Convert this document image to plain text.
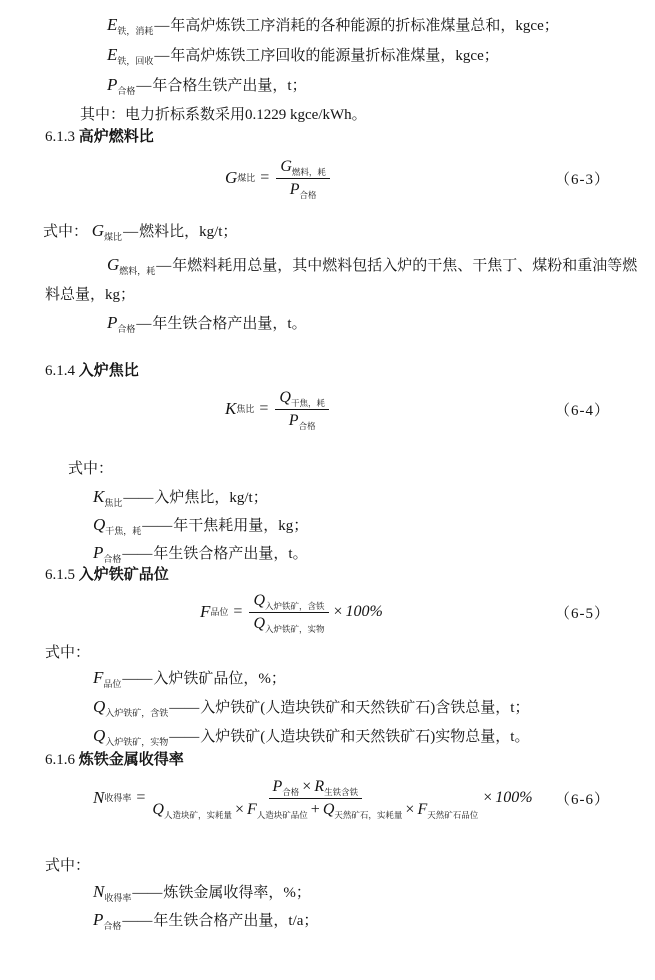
$E_{铁,消耗}—$年高炉炼铁工序消耗的各种能源的折标准煤量总和，kgce；
$E_{铁,回收}—$年高炉炼铁工序回收的能源量折标准煤量，kgce；
$P_{合格}—$年合格生铁产出量，t；
其中：电力折标系数采用0.1229 kgce/kWh。
6.1.3 高炉燃料比
G 煤比 = $\frac{G_{燃料,耗}}{P_{合格}}$	（6-3）
式中： $G_{煤比}—$燃料比，kg/t；
$G_{燃料,耗}—$年燃料耗用总量，其中燃料包括入炉的干焦、干焦丁、煤粉和重油等燃
料总量，kg；
$P_{合格}—$年生铁合格产出量，t。
6.1.4 入炉焦比
K 焦比 = $\frac{Q_{干焦,耗}}{P_{合格}}$	（6-4）
式中：
$K_{焦比}——$入炉焦比，kg/t；
$Q_{干焦,耗}——$年干焦耗用量，kg；
$P_{合格}——$年生铁合格产出量，t。
6.1.5 入炉铁矿品位
F 品位 = $\frac{Q_{入炉铁矿,含铁}}{Q_{入炉铁矿,实物}} \times 100\%$	（6-5）
式中：
$F_{品位}——$入炉铁矿品位，%；
$Q_{入炉铁矿,含铁}——$入炉铁矿(人造块铁矿和天然铁矿石)含铁总量，t；
$Q_{入炉铁矿,实物}——$入炉铁矿(人造块铁矿和天然铁矿石)实物总量，t。
6.1.6 炼铁金属收得率
N 收得率 = $\frac{P_{合格} \times R_{生铁含铁}}{Q_{人造块矿,实耗量} \times F_{人造块矿品位} + Q_{天然矿石,实耗量} \times F_{天然矿石品位}} \times 100\%$ （6-6）
式中：
$N_{收得率}——$炼铁金属收得率，%；
$P_{合格}——$年生铁合格产出量，t/a；
